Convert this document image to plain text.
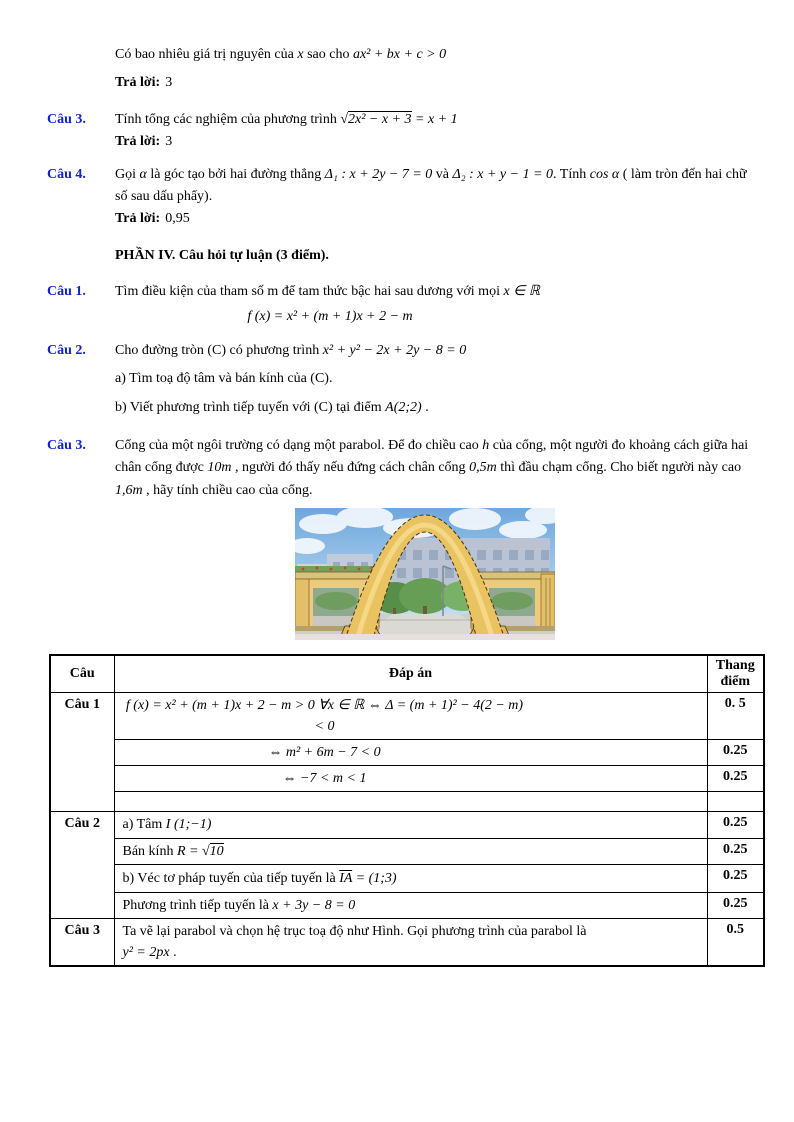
Có bao nhiêu giá trị nguyên của x sao cho ax² + bx + c > 0
Trả lời: 3
Câu 3.	Tính tổng các nghiệm của phương trình √2x² − x + 3 = x + 1
Trả lời: 3
Câu 4.	Gọi α là góc tạo bởi hai đường thẳng Δ₁ : x + 2y − 7 = 0 và Δ₂ : x + y − 1 = 0. Tính cos α ( làm tròn đến hai chữ số sau dấu phẩy).
Trả lời: 0,95
PHẦN IV. Câu hỏi tự luận (3 điểm).
Câu 1.	Tìm điều kiện của tham số m để tam thức bậc hai sau dương với mọi x ∈ ℝ
f (x) = x² + (m + 1)x + 2 − m
Câu 2.	Cho đường tròn (C) có phương trình x² + y² − 2x + 2y − 8 = 0
a) Tìm toạ độ tâm và bán kính của (C).
b) Viết phương trình tiếp tuyến với (C) tại điểm A(2;2) .
Câu 3.	Cổng của một ngôi trường có dạng một parabol. Để đo chiều cao h của cổng, một người đo khoảng cách giữa hai chân cổng được 10m , người đó thấy nếu đứng cách chân cổng 0,5m thì đầu chạm cổng. Cho biết người này cao 1,6m , hãy tính chiều cao của cổng.
Câu	Đáp án	Thang điểm
Câu 1	f (x) = x² + (m + 1)x + 2 − m > 0 ∀x ∈ ℝ ⇔ Δ = (m + 1)² − 4(2 − m) < 0	0. 5
	⇔ m² + 6m − 7 < 0	0.25
	⇔ −7 < m < 1	0.25

Câu 2	a) Tâm I (1;−1)	0.25
	Bán kính R = √10	0.25
	b) Véc tơ pháp tuyến của tiếp tuyến là $\overline{IA}$ = (1;3)	0.25
	Phương trình tiếp tuyến là x + 3y − 8 = 0	0.25
Câu 3	Ta vẽ lại parabol và chọn hệ trục toạ độ như Hình. Gọi phương trình của parabol là
y² = 2px .	0.5
